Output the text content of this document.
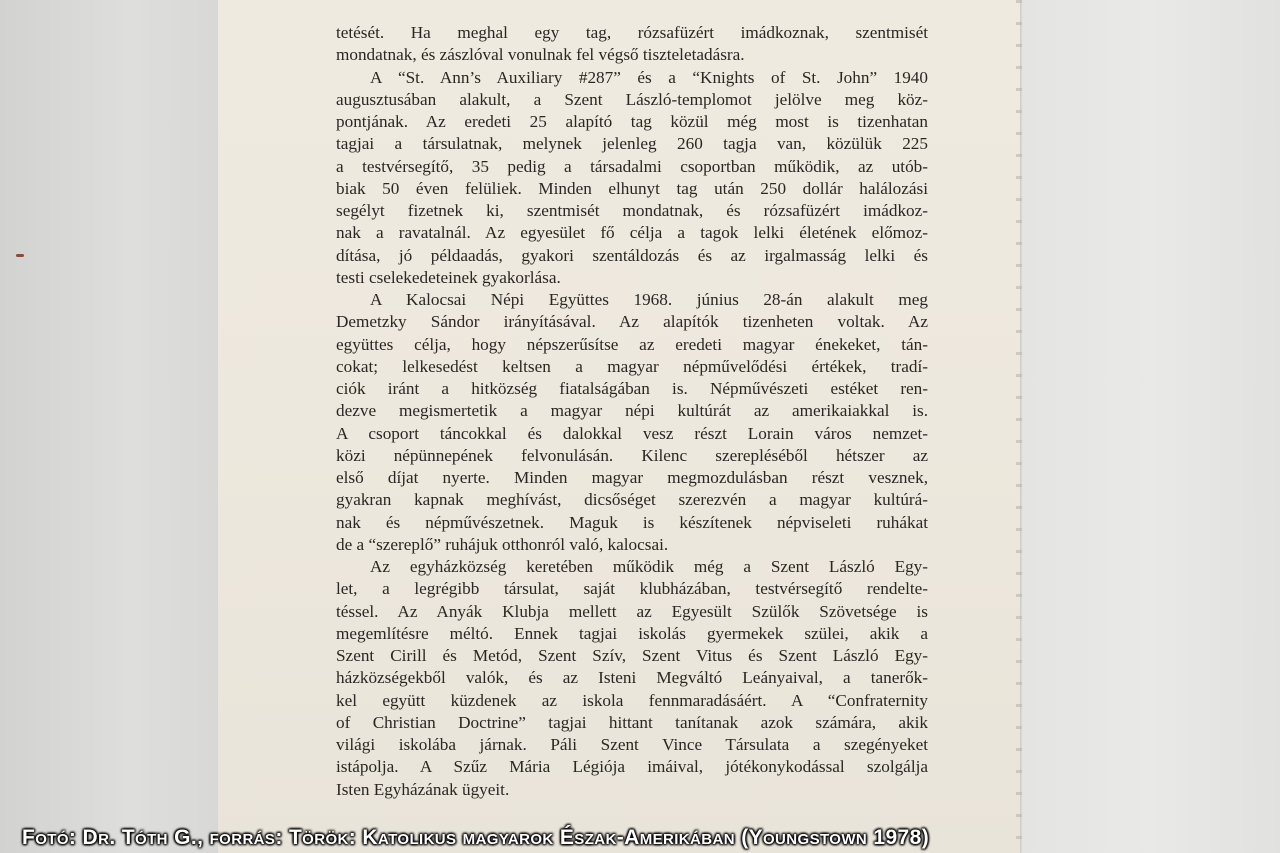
tetését. Ha meghal egy tag, rózsafüzért imádkoznak, szentmisét
mondatnak, és zászlóval vonulnak fel végső tiszteletadásra.
A “St. Ann’s Auxiliary #287” és a “Knights of St. John” 1940
augusztusában alakult, a Szent László-templomot jelölve meg köz-
pontjának. Az eredeti 25 alapító tag közül még most is tizenhatan
tagjai a társulatnak, melynek jelenleg 260 tagja van, közülük 225
a testvérsegítő, 35 pedig a társadalmi csoportban működik, az utób-
biak 50 éven felüliek. Minden elhunyt tag után 250 dollár halálozási
segélyt fizetnek ki, szentmisét mondatnak, és rózsafüzért imádkoz-
nak a ravatalnál. Az egyesület fő célja a tagok lelki életének előmoz-
dítása, jó példaadás, gyakori szentáldozás és az irgalmasság lelki és
testi cselekedeteinek gyakorlása.
A Kalocsai Népi Együttes 1968. június 28-án alakult meg
Demetzky Sándor irányításával. Az alapítók tizenheten voltak. Az
együttes célja, hogy népszerűsítse az eredeti magyar énekeket, tán-
cokat; lelkesedést keltsen a magyar népművelődési értékek, tradí-
ciók iránt a hitközség fiatalságában is. Népművészeti estéket ren-
dezve megismertetik a magyar népi kultúrát az amerikaiakkal is.
A csoport táncokkal és dalokkal vesz részt Lorain város nemzet-
közi népünnepének felvonulásán. Kilenc szerepléséből hétszer az
első díjat nyerte. Minden magyar megmozdulásban részt vesznek,
gyakran kapnak meghívást, dicsőséget szerezvén a magyar kultúrá-
nak és népművészetnek. Maguk is készítenek népviseleti ruhákat
de a “szereplő” ruhájuk otthonról való, kalocsai.
Az egyházközség keretében működik még a Szent László Egy-
let, a legrégibb társulat, saját klubházában, testvérsegítő rendelte-
téssel. Az Anyák Klubja mellett az Egyesült Szülők Szövetsége is
megemlítésre méltó. Ennek tagjai iskolás gyermekek szülei, akik a
Szent Cirill és Metód, Szent Szív, Szent Vitus és Szent László Egy-
házközségekből valók, és az Isteni Megváltó Leányaival, a tanerők-
kel együtt küzdenek az iskola fennmaradásáért. A “Confraternity
of Christian Doctrine” tagjai hittant tanítanak azok számára, akik
világi iskolába járnak. Páli Szent Vince Társulata a szegényeket
istápolja. A Szűz Mária Légiója imáival, jótékonykodással szolgálja
Isten Egyházának ügyeit.
Fotó: Dr. Tóth G., forrás: Török: Katolikus magyarok Észak-Amerikában (Youngstown 1978)
